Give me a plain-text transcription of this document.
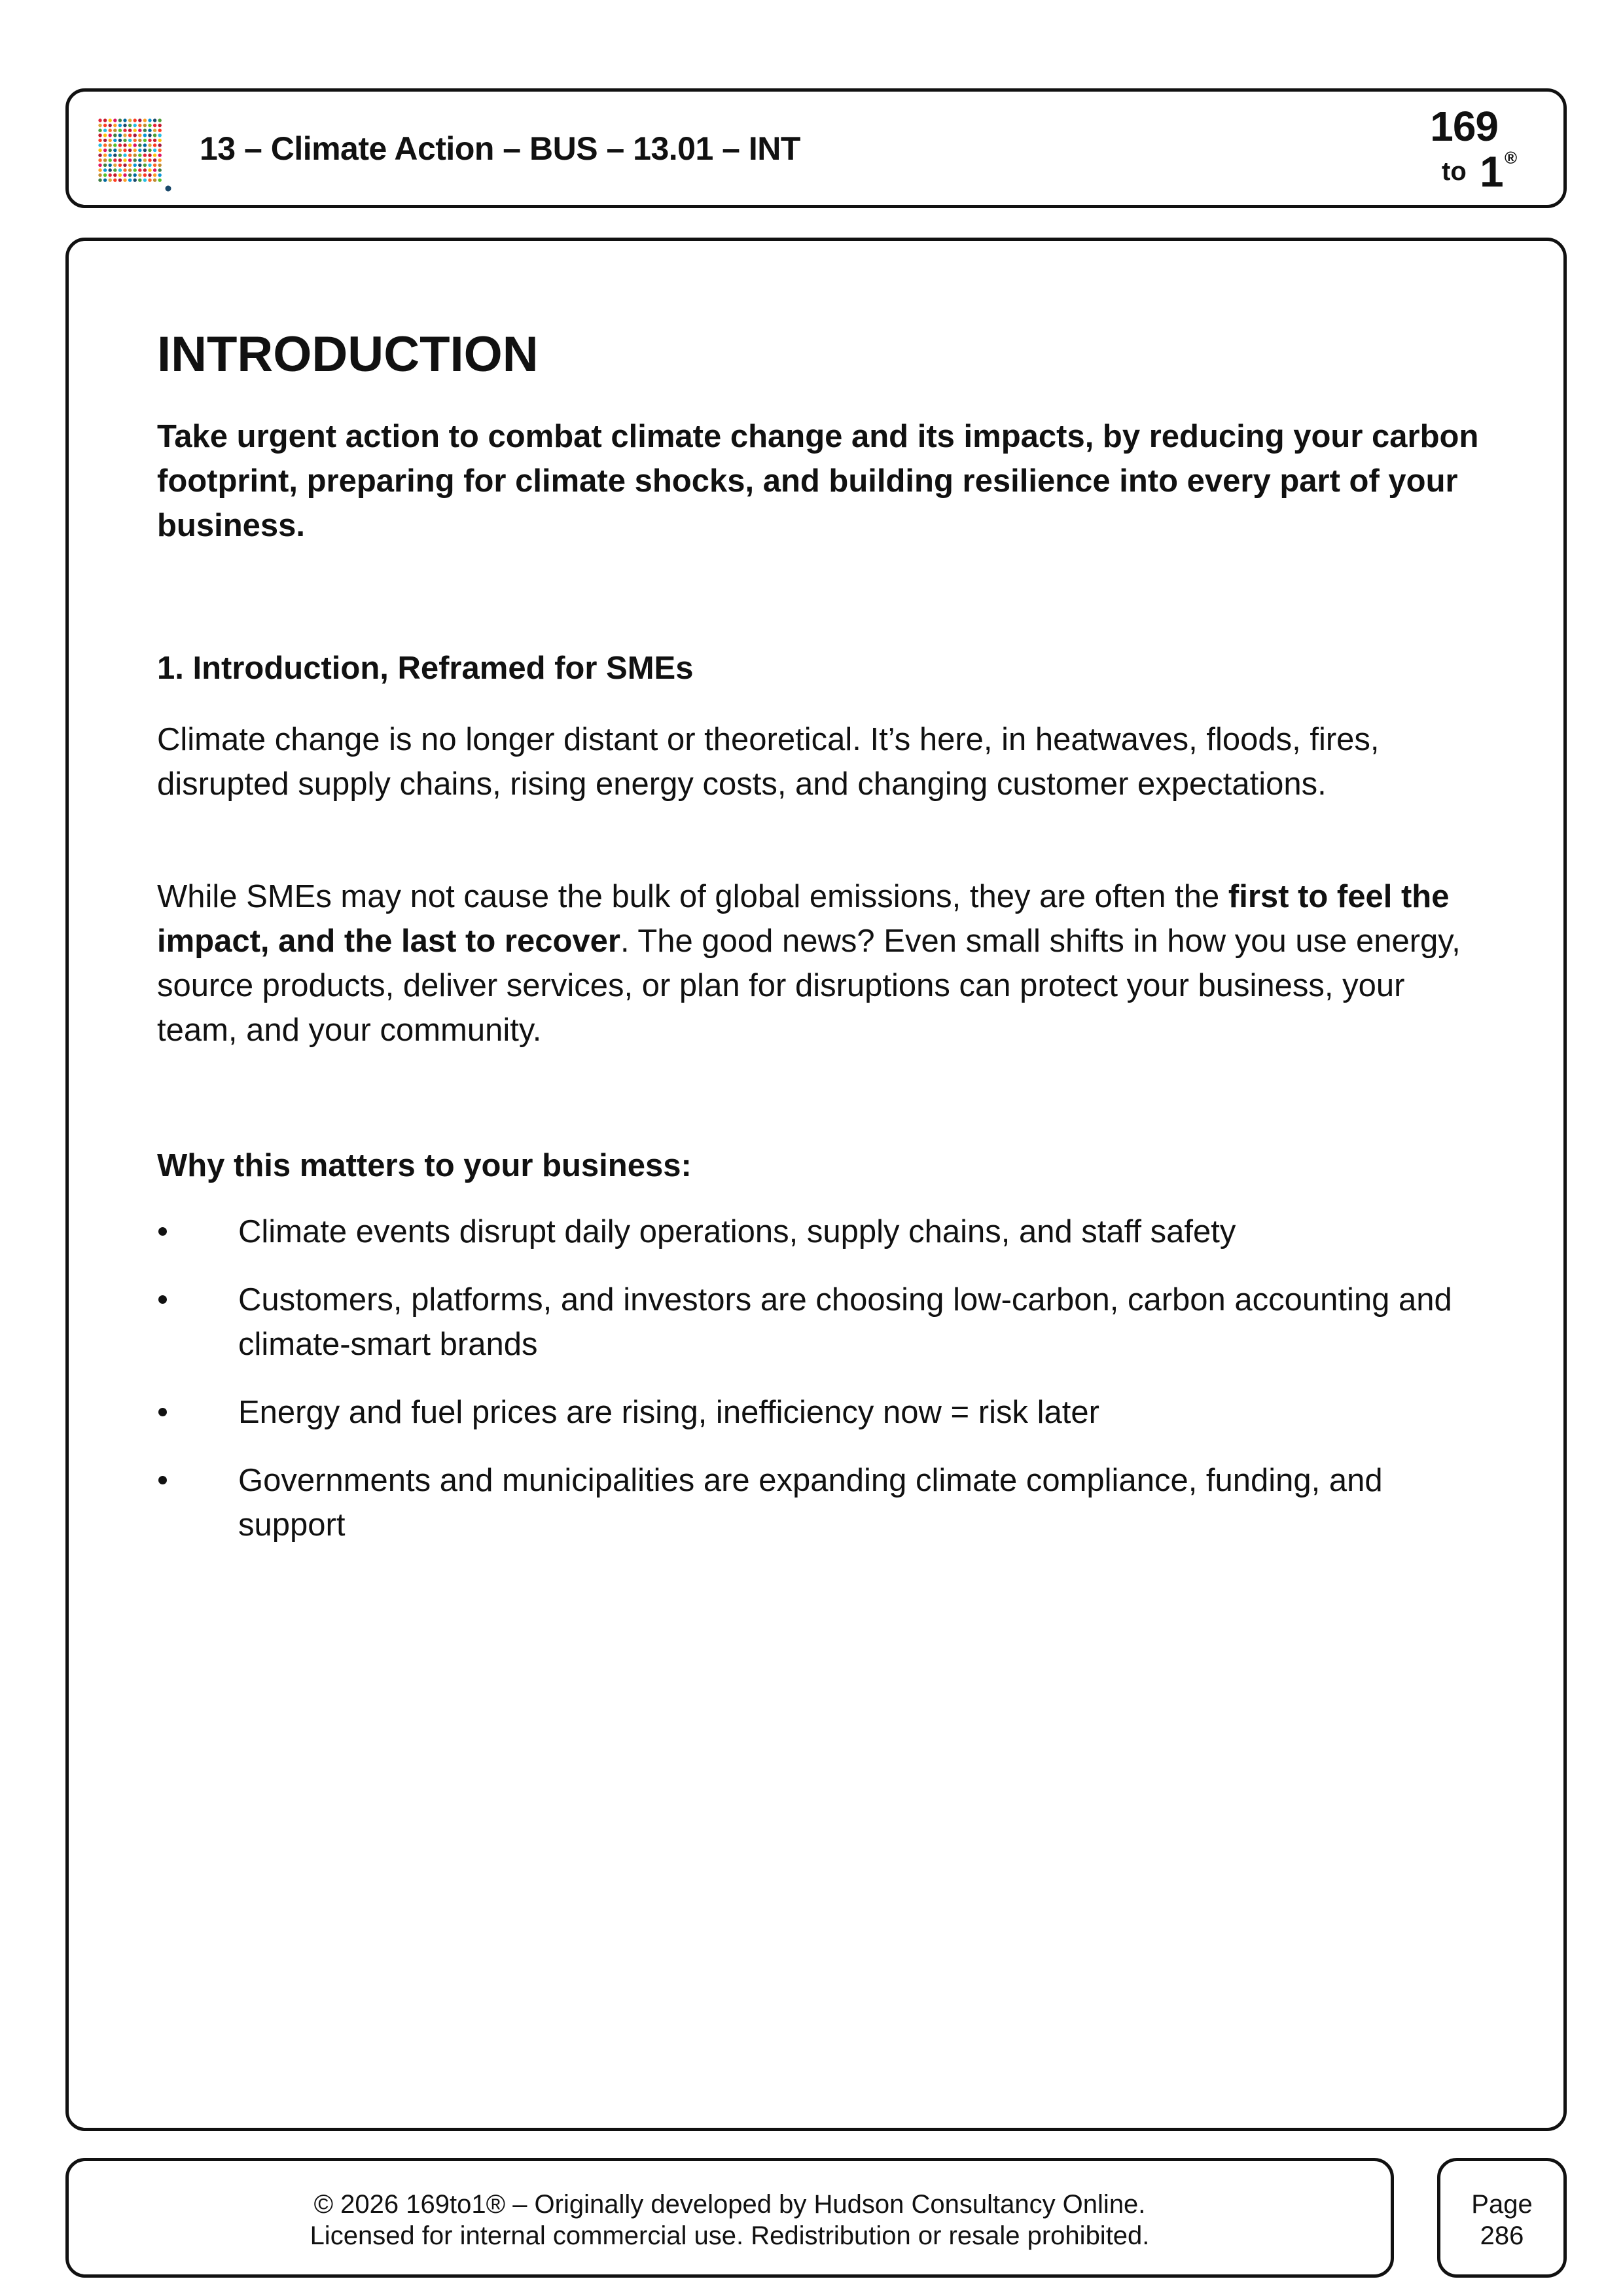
13 – Climate Action – BUS – 13.01 – INT	169
to 1 ®
INTRODUCTION

Take urgent action to combat climate change and its impacts, by reducing your carbon footprint, preparing for climate shocks, and building resilience into every part of your business.

1. Introduction, Reframed for SMEs

Climate change is no longer distant or theoretical. It’s here, in heatwaves, floods, fires, disrupted supply chains, rising energy costs, and changing customer expectations.

While SMEs may not cause the bulk of global emissions, they are often the first to feel the impact, and the last to recover. The good news? Even small shifts in how you use energy, source products, deliver services, or plan for disruptions can protect your business, your team, and your community.

Why this matters to your business:
Climate events disrupt daily operations, supply chains, and staff safety
Customers, platforms, and investors are choosing low-carbon, carbon accounting and climate-smart brands
Energy and fuel prices are rising, inefficiency now = risk later
Governments and municipalities are expanding climate compliance, funding, and support
© 2026 169to1® – Originally developed by Hudson Consultancy Online.
Licensed for internal commercial use. Redistribution or resale prohibited.
Page
286
